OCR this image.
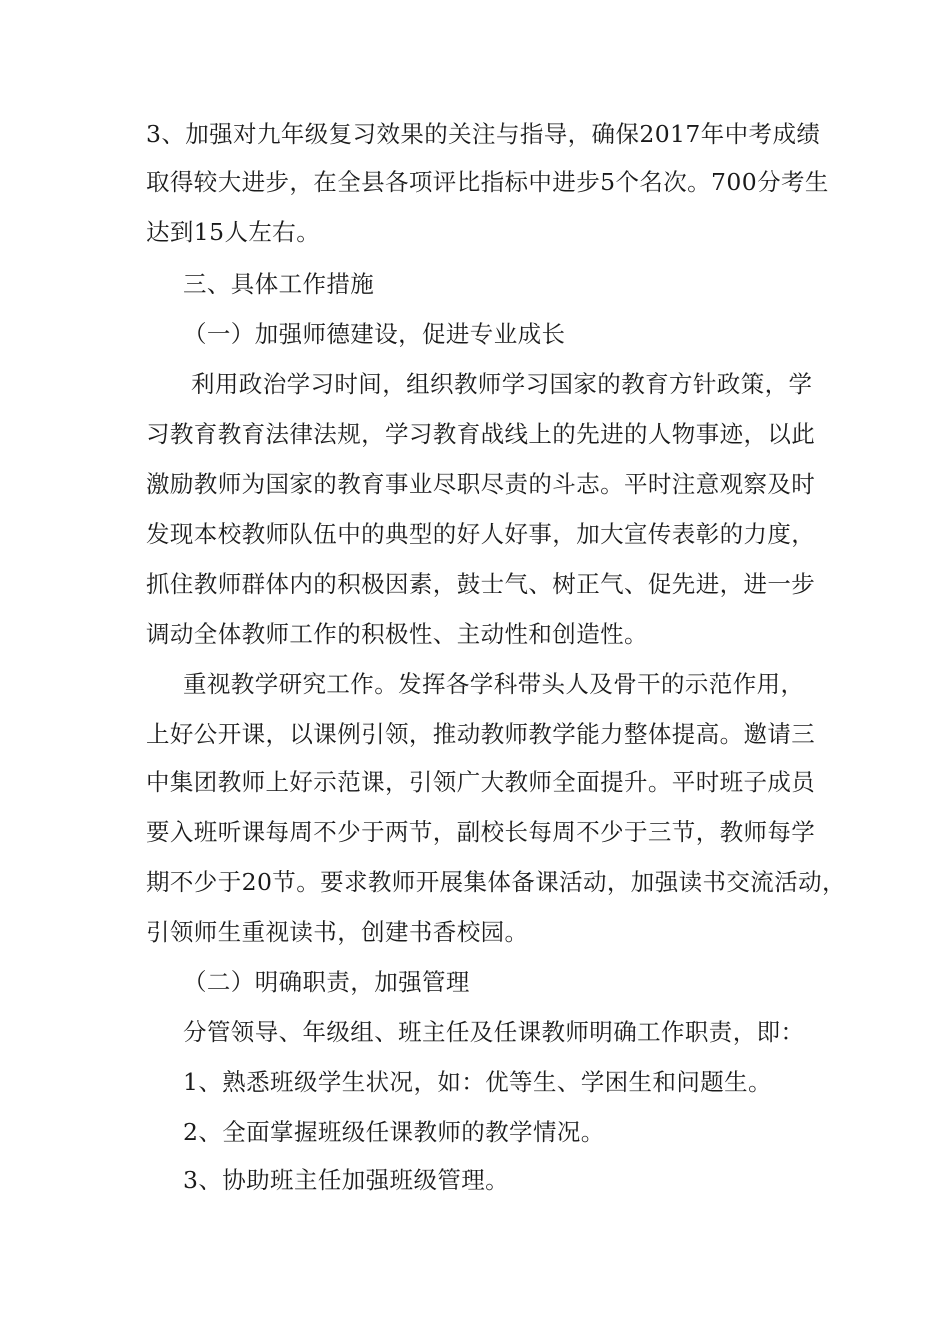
3、加强对九年级复习效果的关注与指导，确保2017年中考成绩
取得较大进步，在全县各项评比指标中进步5个名次。700分考生
达到15人左右。
三、具体工作措施
（一）加强师德建设，促进专业成长
利用政治学习时间，组织教师学习国家的教育方针政策，学
习教育教育法律法规，学习教育战线上的先进的人物事迹，以此
激励教师为国家的教育事业尽职尽责的斗志。平时注意观察及时
发现本校教师队伍中的典型的好人好事，加大宣传表彰的力度，
抓住教师群体内的积极因素，鼓士气、树正气、促先进，进一步
调动全体教师工作的积极性、主动性和创造性。
重视教学研究工作。发挥各学科带头人及骨干的示范作用，
上好公开课，以课例引领，推动教师教学能力整体提高。邀请三
中集团教师上好示范课，引领广大教师全面提升。平时班子成员
要入班听课每周不少于两节，副校长每周不少于三节，教师每学
期不少于20节。要求教师开展集体备课活动，加强读书交流活动，
引领师生重视读书，创建书香校园。
（二）明确职责，加强管理
分管领导、年级组、班主任及任课教师明确工作职责，即：
1、熟悉班级学生状况，如：优等生、学困生和问题生。
2、全面掌握班级任课教师的教学情况。
3、协助班主任加强班级管理。
